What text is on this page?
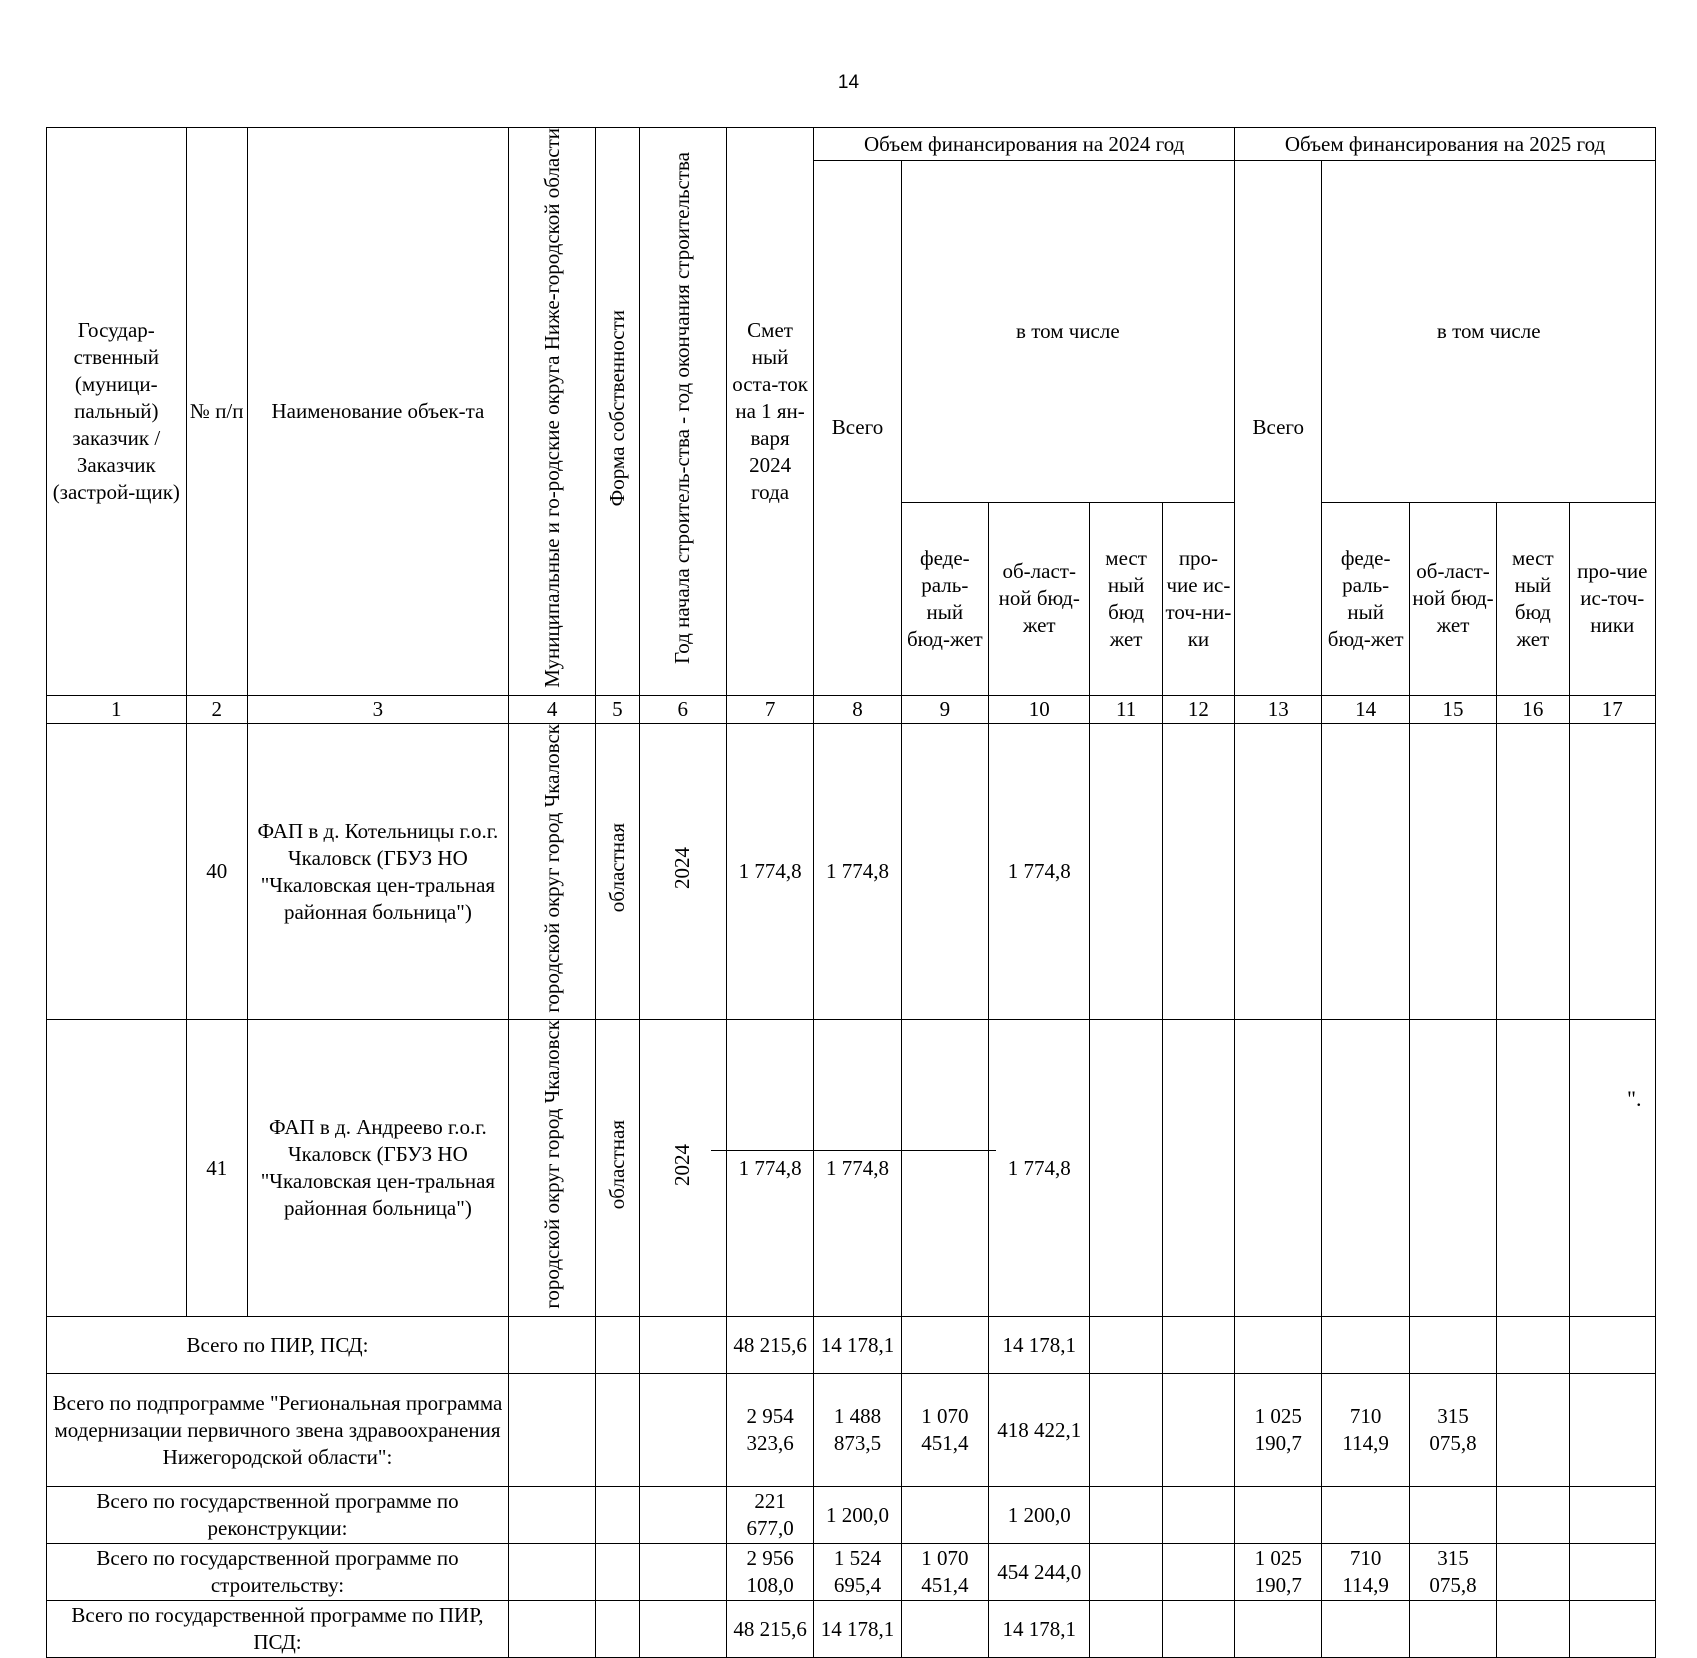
14
Государ-ственный (муници-пальный) заказчик / Заказчик (застрой-щик)	№ п/п	Наименование объек-та	Муниципальные и го-родские округа Ниже-городской области	Форма собственности	Год начала строитель-ства - год окончания строительства	Смет ный оста-ток на 1 ян-варя 2024 года	Объем финансирования на 2024 год					Объем финансирования на 2025 год				
							Всего	в том числе				Всего	в том числе			
								феде-раль-ный бюд-жет	об-ласт-ной бюд-жет	мест ный бюд жет	про-чие ис-точ-ни-ки		феде-раль-ный бюд-жет	об-ласт-ной бюд-жет	мест ный бюд жет	про-чие ис-точ-ники
1	2	3	4	5	6	7	8	9	10	11	12	13	14	15	16	17
	40	ФАП в д. Котельницы г.о.г. Чкаловск (ГБУЗ НО "Чкаловская цен-тральная районная больница")	городской округ город Чкаловск	областная	2024	1 774,8	1 774,8		1 774,8							
	41	ФАП в д. Андреево г.о.г. Чкаловск (ГБУЗ НО "Чкаловская цен-тральная районная больница")	городской округ город Чкаловск	областная	2024	1 774,8	1 774,8		1 774,8							
Всего по ПИР, ПСД:						48 215,6	14 178,1		14 178,1							
Всего по подпрограмме "Региональная программа модернизации первичного звена здравоохранения Нижегородской области":						2 954 323,6	1 488 873,5	1 070 451,4	418 422,1			1 025 190,7	710 114,9	315 075,8		
Всего по государственной программе по реконструкции:						221 677,0	1 200,0		1 200,0							
Всего по государственной программе по строительству:						2 956 108,0	1 524 695,4	1 070 451,4	454 244,0			1 025 190,7	710 114,9	315 075,8		
Всего по государственной программе по ПИР, ПСД:						48 215,6	14 178,1		14 178,1							
".
